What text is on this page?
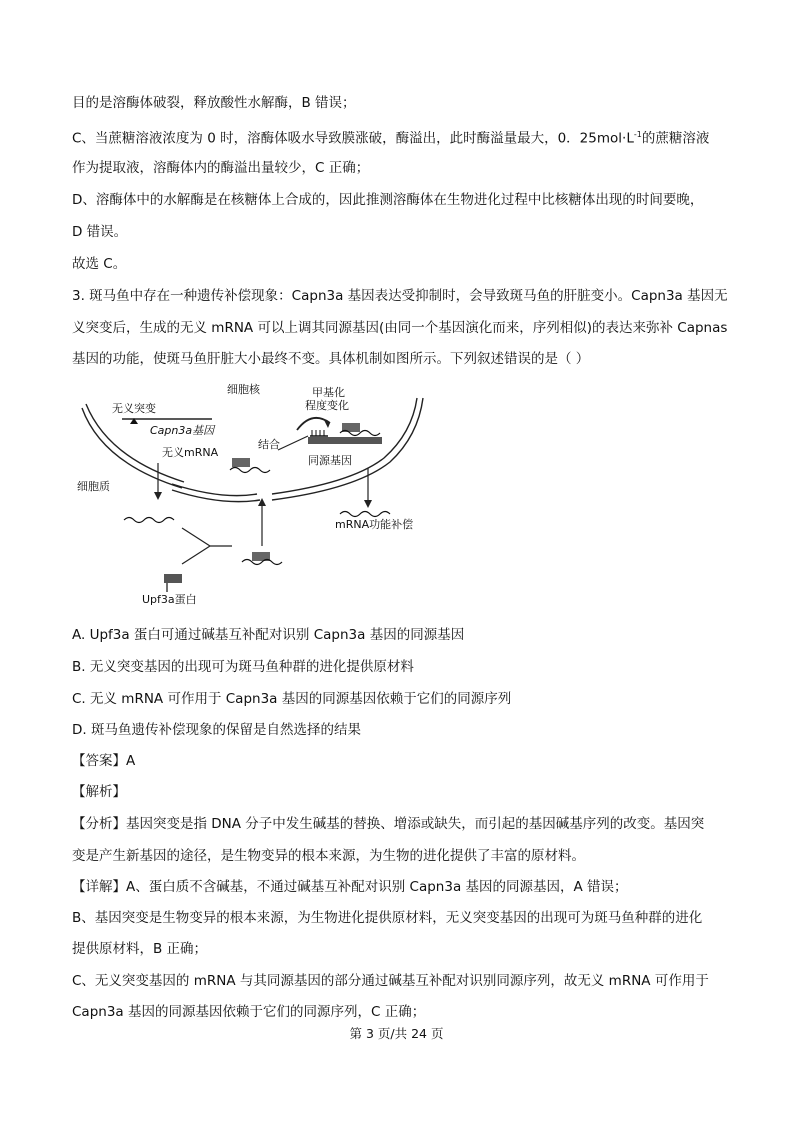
目的是溶酶体破裂，释放酸性水解酶，B 错误；
C、当蔗糖溶液浓度为 0 时，溶酶体吸水导致膜涨破，酶溢出，此时酶溢量最大，0．$25mol\cdot L^{-1}$的蔗糖溶液
作为提取液，溶酶体内的酶溢出量较少，C 正确；
D、溶酶体中的水解酶是在核糖体上合成的，因此推测溶酶体在生物进化过程中比核糖体出现的时间要晚，
D 错误。
故选 C。
3. 斑马鱼中存在一种遗传补偿现象：Capn3a 基因表达受抑制时，会导致斑马鱼的肝脏变小。Capn3a 基因无
义突变后，生成的无义 mRNA 可以上调其同源基因(由同一个基因演化而来，序列相似)的表达来弥补 Capnas
基因的功能，使斑马鱼肝脏大小最终不变。具体机制如图所示。下列叙述错误的是（ ）
细胞核
无义突变
Capn3a基因
甲基化
程度变化
结合
同源基因
无义mRNA
细胞质
mRNA功能补偿
Upf3a蛋白
A. Upf3a 蛋白可通过碱基互补配对识别 Capn3a 基因的同源基因
B. 无义突变基因的出现可为斑马鱼种群的进化提供原材料
C. 无义 mRNA 可作用于 Capn3a 基因的同源基因依赖于它们的同源序列
D. 斑马鱼遗传补偿现象的保留是自然选择的结果
【答案】A
【解析】
【分析】基因突变是指 DNA 分子中发生碱基的替换、增添或缺失，而引起的基因碱基序列的改变。基因突
变是产生新基因的途径，是生物变异的根本来源，为生物的进化提供了丰富的原材料。
【详解】A、蛋白质不含碱基，不通过碱基互补配对识别 Capn3a 基因的同源基因，A 错误；
B、基因突变是生物变异的根本来源，为生物进化提供原材料，无义突变基因的出现可为斑马鱼种群的进化
提供原材料，B 正确；
C、无义突变基因的 mRNA 与其同源基因的部分通过碱基互补配对识别同源序列，故无义 mRNA 可作用于
Capn3a 基因的同源基因依赖于它们的同源序列，C 正确；
第 3 页/共 24 页
